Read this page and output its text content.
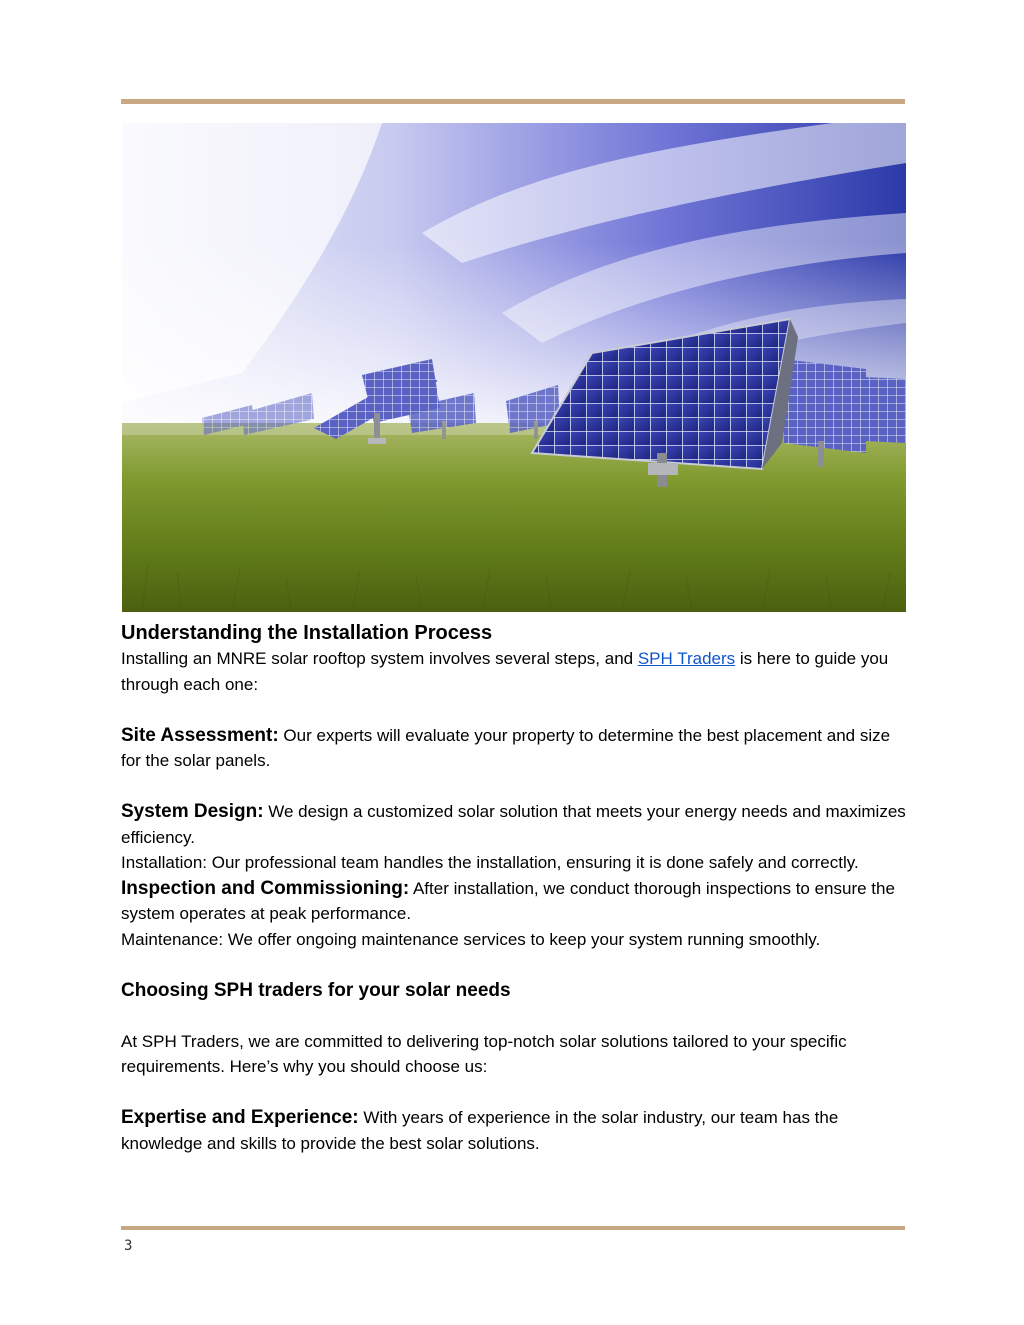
Understanding the Installation Process

Installing an MNRE solar rooftop system involves several steps, and SPH Traders is here to guide you through each one:

Site Assessment: Our experts will evaluate your property to determine the best placement and size for the solar panels.

System Design: We design a customized solar solution that meets your energy needs and maximizes efficiency.

Installation: Our professional team handles the installation, ensuring it is done safely and correctly.

Inspection and Commissioning: After installation, we conduct thorough inspections to ensure the system operates at peak performance.

Maintenance: We offer ongoing maintenance services to keep your system running smoothly.

Choosing SPH traders for your solar needs

At SPH Traders, we are committed to delivering top-notch solar solutions tailored to your specific requirements. Here’s why you should choose us:

Expertise and Experience: With years of experience in the solar industry, our team has the knowledge and skills to provide the best solar solutions.

3
